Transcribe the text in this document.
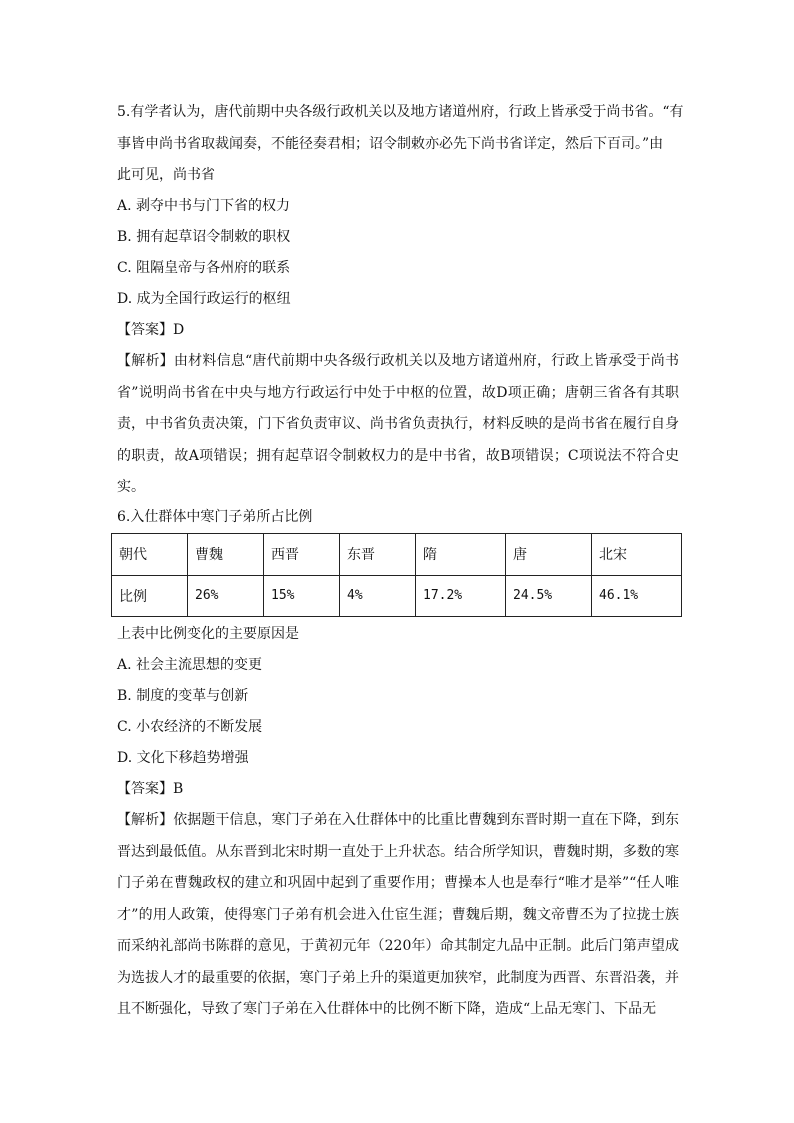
5.有学者认为，唐代前期中央各级行政机关以及地方诸道州府，行政上皆承受于尚书省。“有
事皆申尚书省取裁闻奏，不能径奏君相；诏令制敕亦必先下尚书省详定，然后下百司。”由
此可见，尚书省
A. 剥夺中书与门下省的权力
B. 拥有起草诏令制敕的职权
C. 阻隔皇帝与各州府的联系
D. 成为全国行政运行的枢纽
【答案】D
【解析】由材料信息“唐代前期中央各级行政机关以及地方诸道州府，行政上皆承受于尚书省”说明尚书省在中央与地方行政运行中处于中枢的位置，故D项正确；唐朝三省各有其职责，中书省负责决策，门下省负责审议、尚书省负责执行，材料反映的是尚书省在履行自身的职责，故A项错误；拥有起草诏令制敕权力的是中书省，故B项错误；C项说法不符合史实。
6.入仕群体中寒门子弟所占比例
朝代	曹魏	西晋	东晋	隋	唐	北宋
比例	26%	15%	4%	17.2%	24.5%	46.1%
上表中比例变化的主要原因是
A. 社会主流思想的变更
B. 制度的变革与创新
C. 小农经济的不断发展
D. 文化下移趋势增强
【答案】B
【解析】依据题干信息，寒门子弟在入仕群体中的比重比曹魏到东晋时期一直在下降，到东晋达到最低值。从东晋到北宋时期一直处于上升状态。结合所学知识，曹魏时期，多数的寒门子弟在曹魏政权的建立和巩固中起到了重要作用；曹操本人也是奉行“唯才是举”“任人唯才”的用人政策，使得寒门子弟有机会进入仕宦生涯；曹魏后期，魏文帝曹丕为了拉拢士族而采纳礼部尚书陈群的意见，于黄初元年（220年）命其制定九品中正制。此后门第声望成为选拔人才的最重要的依据，寒门子弟上升的渠道更加狭窄，此制度为西晋、东晋沿袭，并且不断强化，导致了寒门子弟在入仕群体中的比例不断下降，造成“上品无寒门、下品无
